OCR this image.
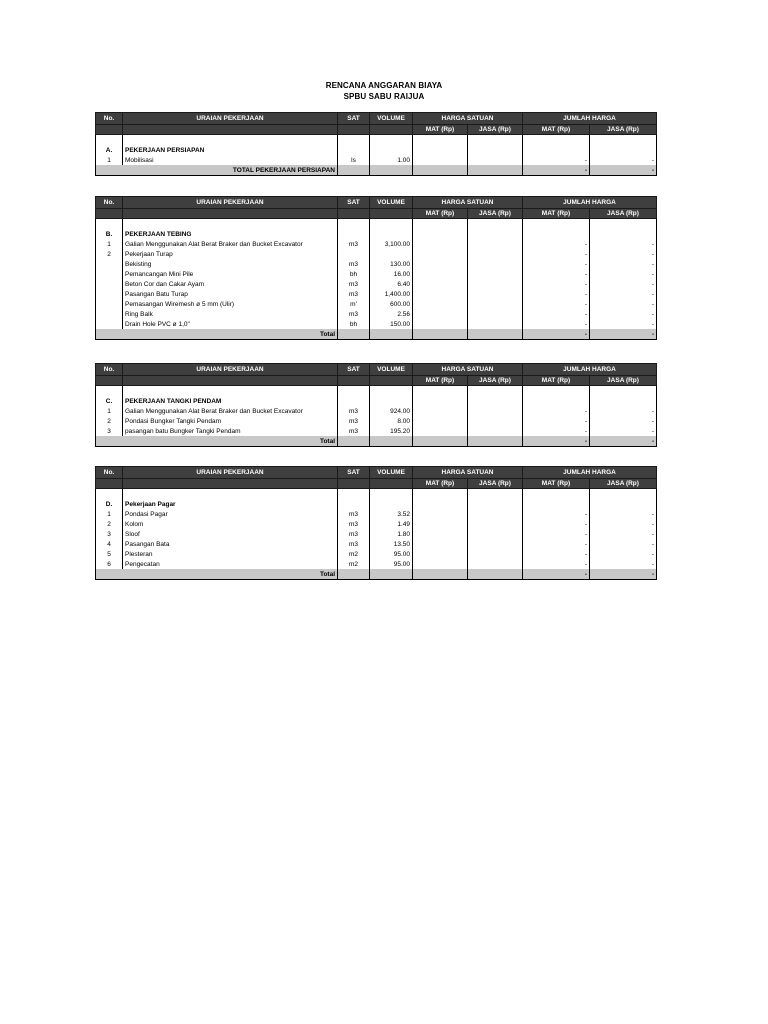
RENCANA ANGGARAN BIAYA
SPBU SABU RAIJUA
No.	URAIAN PEKERJAAN	SAT	VOLUME	HARGA SATUAN		JUMLAH HARGA	
				MAT (Rp)	JASA (Rp)	MAT (Rp)	JASA (Rp)

A.	PEKERJAAN PERSIAPAN						
1	Mobilisasi	ls	1.00			-	-
TOTAL PEKERJAAN PERSIAPAN						-	-
No.	URAIAN PEKERJAAN	SAT	VOLUME	HARGA SATUAN		JUMLAH HARGA	
				MAT (Rp)	JASA (Rp)	MAT (Rp)	JASA (Rp)

B.	PEKERJAAN TEBING						
1	Galian Menggunakan Alat Berat Braker dan Bucket Excavator	m3	3,100.00			-	-
2	Pekerjaan Turap					-	-
	Bekisting	m3	130.00			-	-
	Pemancangan Mini Pile	bh	16.00			-	-
	Beton Cor dan Cakar Ayam	m3	6.40			-	-
	Pasangan Batu Turap	m3	1,400.00			-	-
	Pemasangan Wiremesh ø 5 mm (Ulir)	m'	600.00			-	-
	Ring Balk	m3	2.56			-	-
	Drain Hole PVC ø 1,0"	bh	150.00			-	-
Total						-	-
No.	URAIAN PEKERJAAN	SAT	VOLUME	HARGA SATUAN		JUMLAH HARGA	
				MAT (Rp)	JASA (Rp)	MAT (Rp)	JASA (Rp)

C.	PEKERJAAN TANGKI PENDAM						
1	Galian Menggunakan Alat Berat Braker dan Bucket Excavator	m3	924.00			-	-
2	Pondasi Bungker Tangki Pendam	m3	8.00			-	-
3	pasangan batu Bungker Tangki Pendam	m3	195.20			-	-
Total						-	-
No.	URAIAN PEKERJAAN	SAT	VOLUME	HARGA SATUAN		JUMLAH HARGA	
				MAT (Rp)	JASA (Rp)	MAT (Rp)	JASA (Rp)

D.	Pekerjaan Pagar						
1	Pondasi Pagar	m3	3.52			-	-
2	Kolom	m3	1.49			-	-
3	Sloof	m3	1.80			-	-
4	Pasangan Bata	m3	13.50			-	-
5	Plesteran	m2	95.00			-	-
6	Pengecatan	m2	95.00			-	-
Total						-	-
